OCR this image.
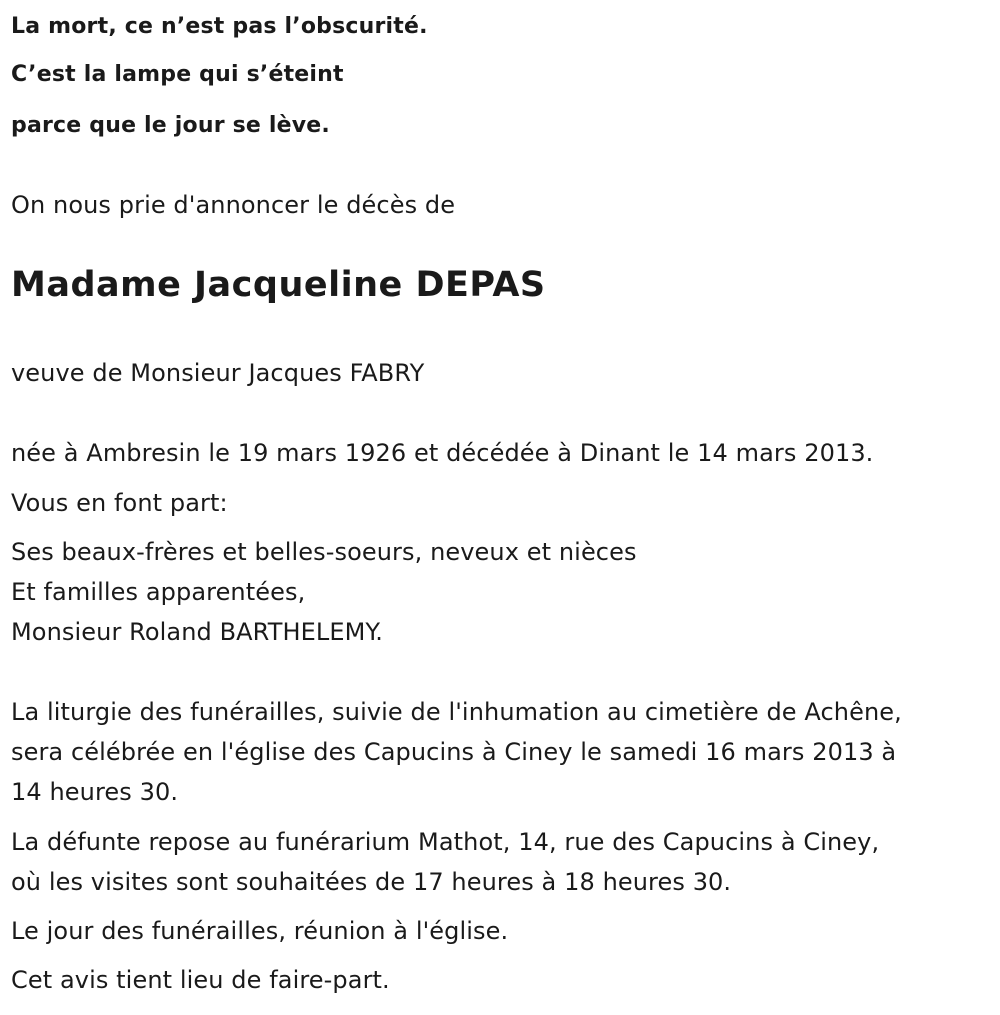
La mort, ce n’est pas l’obscurité.
C’est la lampe qui s’éteint
parce que le jour se lève.
On nous prie d'annoncer le décès de
Madame Jacqueline DEPAS
veuve de Monsieur Jacques FABRY
née à Ambresin le 19 mars 1926 et décédée à Dinant le 14 mars 2013.
Vous en font part:
Ses beaux-frères et belles-soeurs, neveux et nièces
Et familles apparentées,
Monsieur Roland BARTHELEMY.
La liturgie des funérailles, suivie de l'inhumation au cimetière de Achêne,
sera célébrée en l'église des Capucins à Ciney le samedi 16 mars 2013 à
14 heures 30.
La défunte repose au funérarium Mathot, 14, rue des Capucins à Ciney,
où les visites sont souhaitées de 17 heures à 18 heures 30.
Le jour des funérailles, réunion à l'église.
Cet avis tient lieu de faire-part.
